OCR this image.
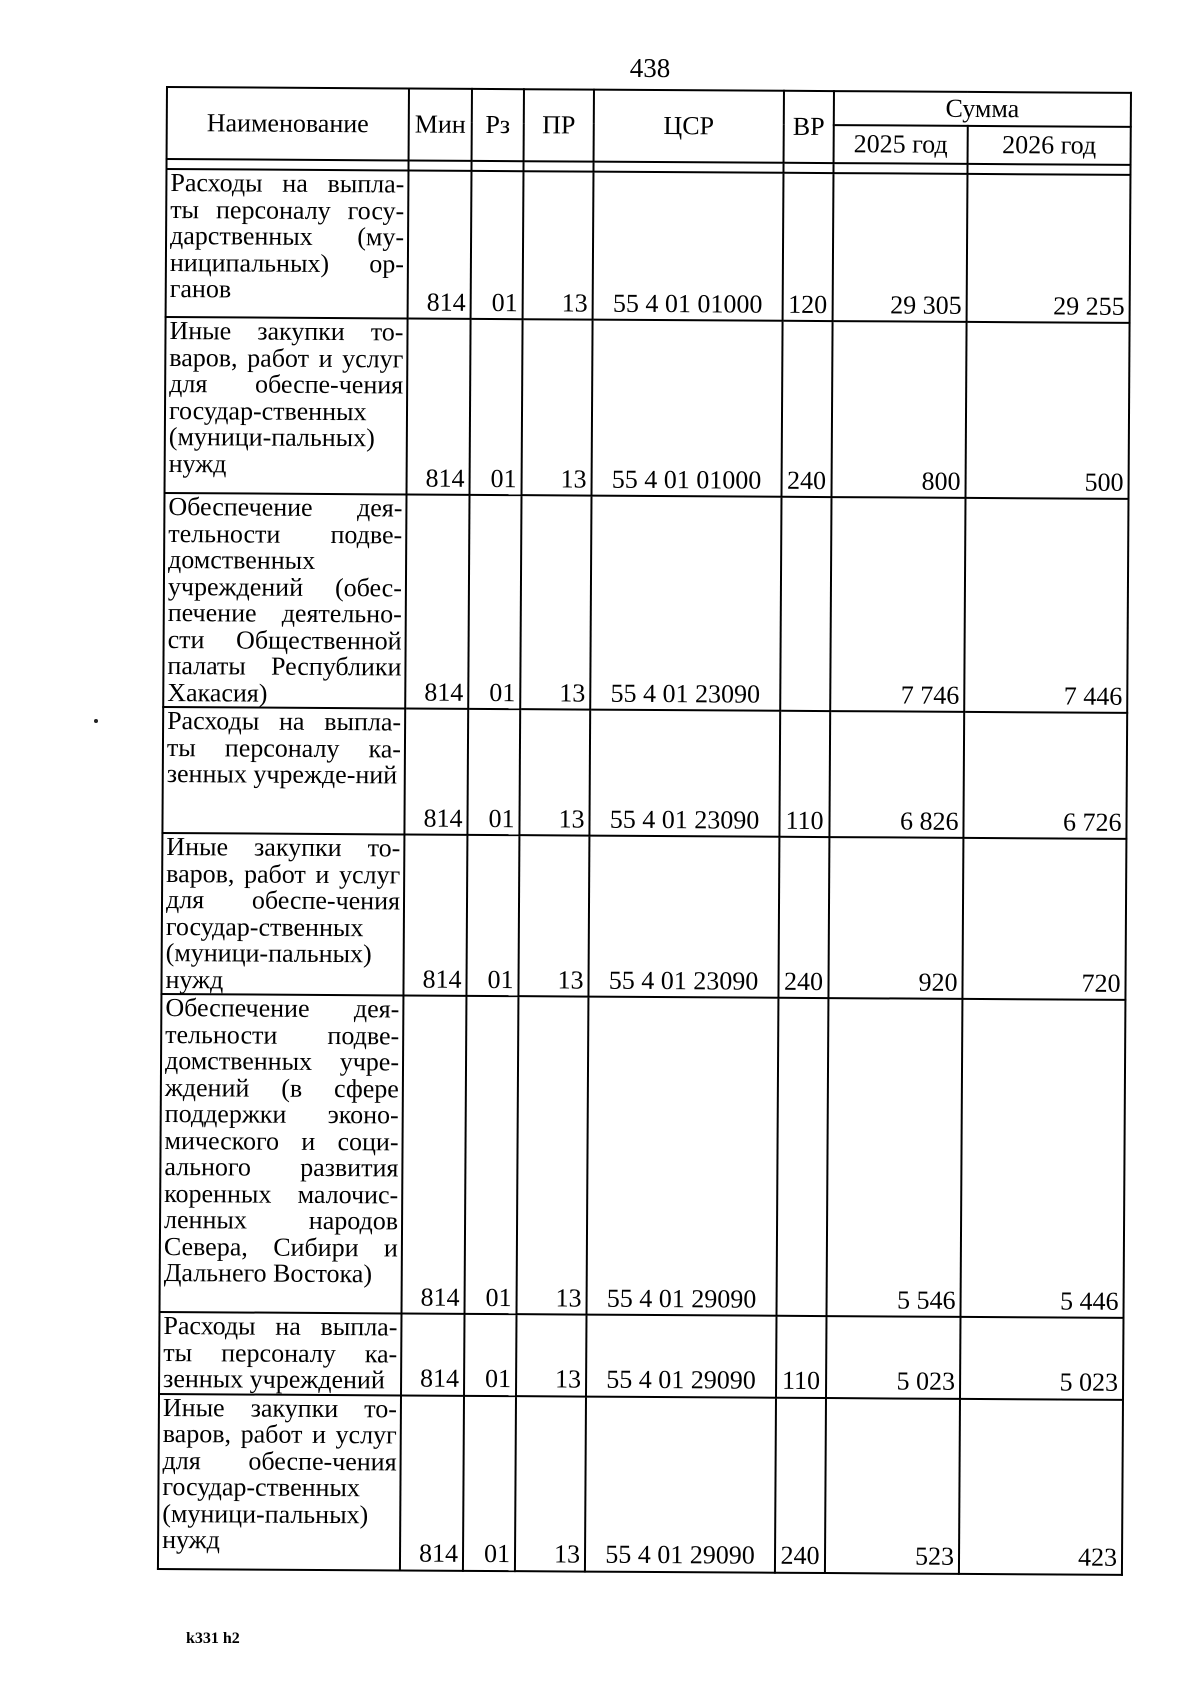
438
Наименование	Мин	Рз	ПР	ЦСР	ВР	Сумма	
						2025 год	2026 год

Расходы на выпла-ты персоналу госу-дарственных (му-ниципальных) ор-ганов	814	01	13	55 4 01 01000	120	29 305	29 255
Иные закупки то-варов, работ и услуг для обеспе-чения государ-ственных (муници-пальных) нужд	814	01	13	55 4 01 01000	240	800	500
Обеспечение дея-тельности подве-домственных учреждений (обес-печение деятельно-сти Общественной палаты Республики Хакасия)	814	01	13	55 4 01 23090		7 746	7 446
Расходы на выпла-ты персоналу ка-зенных учрежде-ний	814	01	13	55 4 01 23090	110	6 826	6 726
Иные закупки то-варов, работ и услуг для обеспе-чения государ-ственных (муници-пальных) нужд	814	01	13	55 4 01 23090	240	920	720
Обеспечение дея-тельности подве-домственных учре-ждений (в сфере поддержки эконо-мического и соци-ального развития коренных малочис-ленных народов Севера, Сибири и Дальнего Востока)	814	01	13	55 4 01 29090		5 546	5 446
Расходы на выпла-ты персоналу ка-зенных учреждений	814	01	13	55 4 01 29090	110	5 023	5 023
Иные закупки то-варов, работ и услуг для обеспе-чения государ-ственных (муници-пальных) нужд	814	01	13	55 4 01 29090	240	523	423
k331 h2
